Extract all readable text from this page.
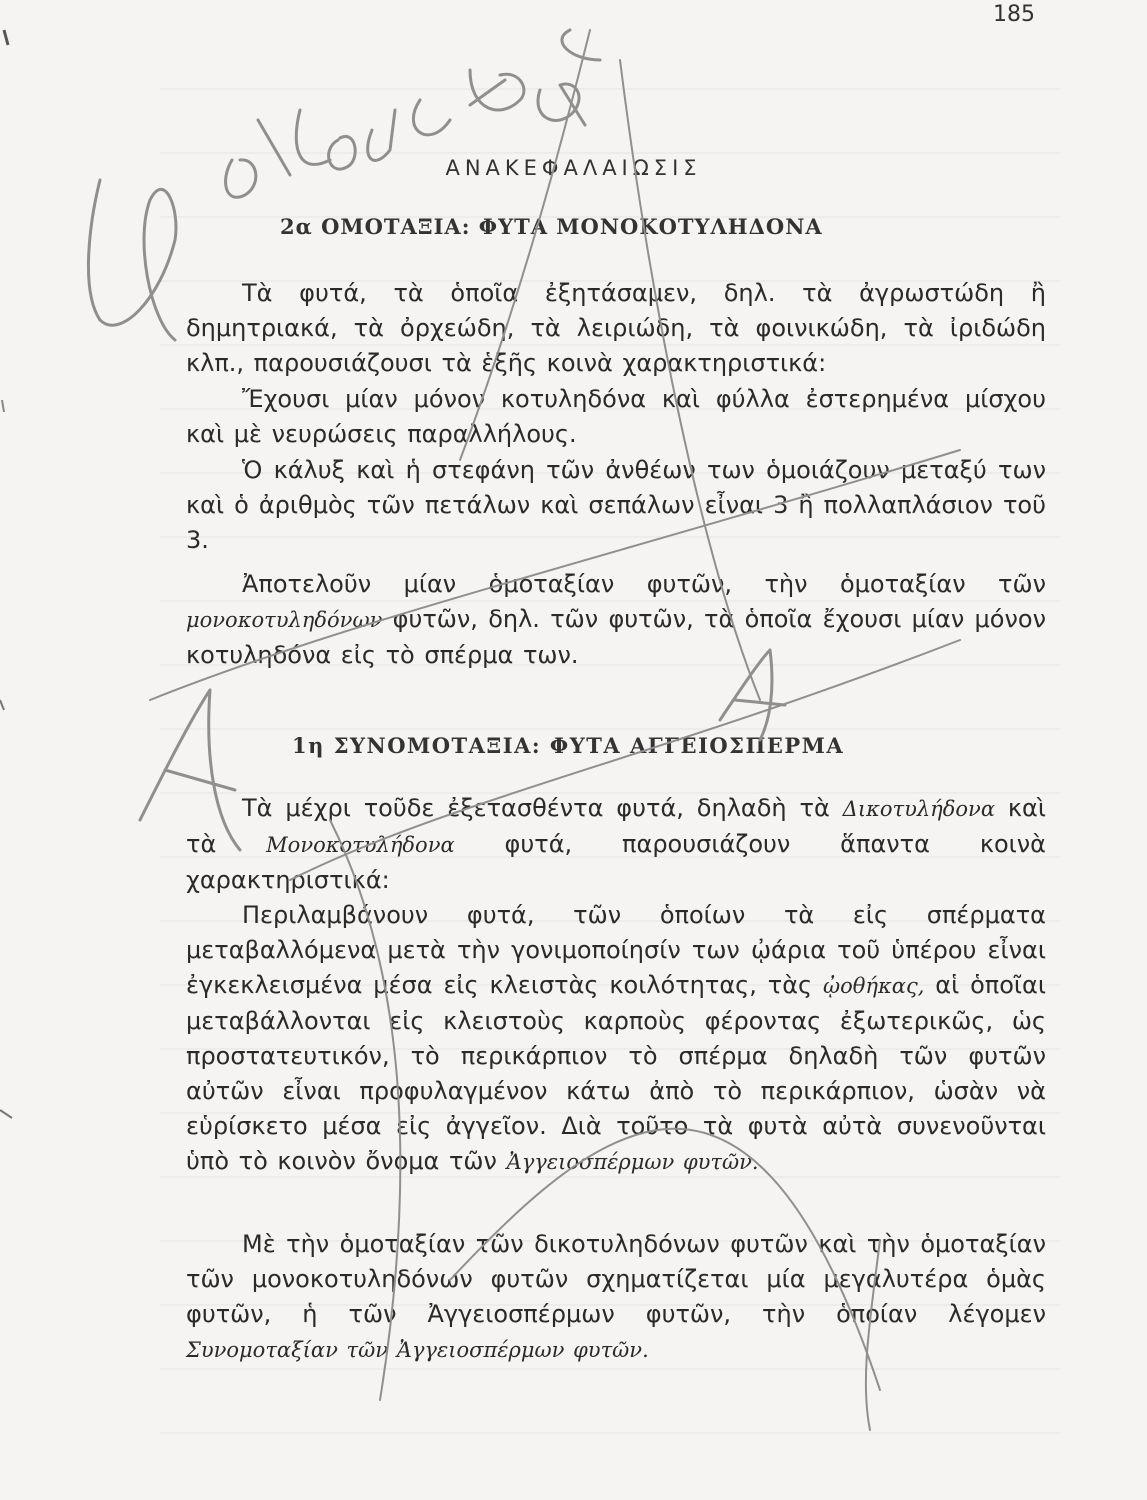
185
ΑΝΑΚΕΦΑΛΑΙΩΣΙΣ
2α ΟΜΟΤΑΞΙΑ: ΦΥΤΑ ΜΟΝΟΚΟΤΥΛΗΔΟΝΑ

Τὰ φυτά, τὰ ὁποῖα ἐξητάσαμεν, δηλ. τὰ ἀγρωστώδη ἢ δημητριακά, τὰ ὀρχεώδη, τὰ λειριώδη, τὰ φοινικώδη, τὰ ἰριδώδη κλπ., παρουσιάζουσι τὰ ἑξῆς κοινὰ χαρακτηριστικά:

Ἔχουσι μίαν μόνον κοτυληδόνα καὶ φύλλα ἐστερημένα μίσχου καὶ μὲ νευρώσεις παραλλήλους.

Ὁ κάλυξ καὶ ἡ στεφάνη τῶν ἀνθέων των ὁμοιάζουν μεταξύ των καὶ ὁ ἀριθμὸς τῶν πετάλων καὶ σεπάλων εἶναι 3 ἢ πολλαπλάσιον τοῦ 3.

Ἀποτελοῦν μίαν ὁμοταξίαν φυτῶν, τὴν ὁμοταξίαν τῶν μονοκοτυληδόνων φυτῶν, δηλ. τῶν φυτῶν, τὰ ὁποῖα ἔχουσι μίαν μόνον κοτυληδόνα εἰς τὸ σπέρμα των.

1η ΣΥΝΟΜΟΤΑΞΙΑ: ΦΥΤΑ ΑΓΓΕΙΟΣΠΕΡΜΑ

Τὰ μέχρι τοῦδε ἐξετασθέντα φυτά, δηλαδὴ τὰ Δικοτυλήδονα καὶ τὰ Μονοκοτυλήδονα φυτά, παρουσιάζουν ἅπαντα κοινὰ χαρακτηριστικά:

Περιλαμβάνουν φυτά, τῶν ὁποίων τὰ εἰς σπέρματα μεταβαλλόμενα μετὰ τὴν γονιμοποίησίν των ᾠάρια τοῦ ὑπέρου εἶναι ἐγκεκλεισμένα μέσα εἰς κλειστὰς κοιλότητας, τὰς ᾠοθήκας, αἱ ὁποῖαι μεταβάλλονται εἰς κλειστοὺς καρποὺς φέροντας ἐξωτερικῶς, ὡς προστατευτικόν, τὸ περικάρπιον τὸ σπέρμα δηλαδὴ τῶν φυτῶν αὐτῶν εἶναι προφυλαγμένον κάτω ἀπὸ τὸ περικάρπιον, ὡσὰν νὰ εὑρίσκετο μέσα εἰς ἀγγεῖον. Διὰ τοῦτο τὰ φυτὰ αὐτὰ συνενοῦνται ὑπὸ τὸ κοινὸν ὄνομα τῶν Ἀγγειοσπέρμων φυτῶν.

Μὲ τὴν ὁμοταξίαν τῶν δικοτυληδόνων φυτῶν καὶ τὴν ὁμοταξίαν τῶν μονοκοτυληδόνων φυτῶν σχηματίζεται μία μεγαλυτέρα ὁμὰς φυτῶν, ἡ τῶν Ἀγγειοσπέρμων φυτῶν, τὴν ὁποίαν λέγομεν Συνομοταξίαν τῶν Ἀγγειοσπέρμων φυτῶν.
